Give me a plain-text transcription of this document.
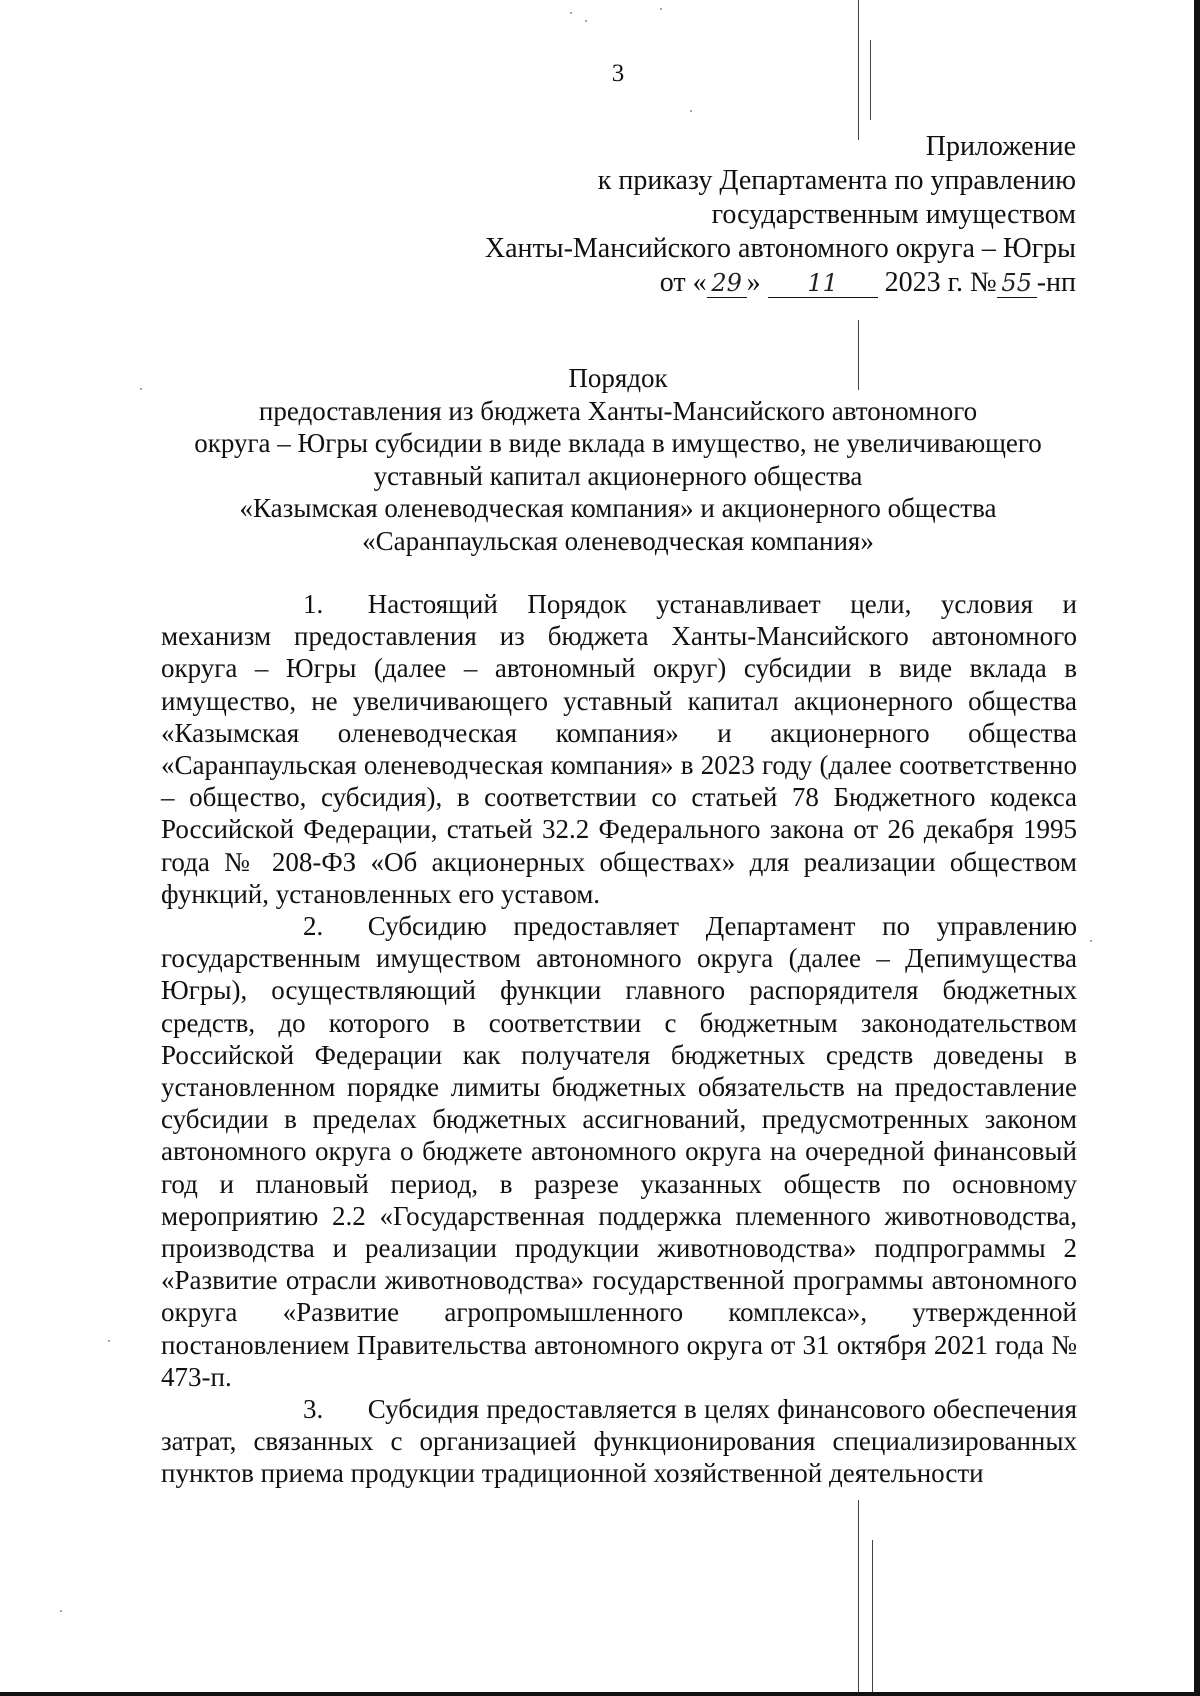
3
Приложение
к приказу Департамента по управлению
государственным имуществом
Ханты-Мансийского автономного округа – Югры
от « 29 » 11 2023 г. № 55 -нп
Порядок
предоставления из бюджета Ханты-Мансийского автономного
округа – Югры субсидии в виде вклада в имущество, не увеличивающего
уставный капитал акционерного общества
«Казымская оленеводческая компания» и акционерного общества
«Саранпаульская оленеводческая компания»

1. Настоящий Порядок устанавливает цели, условия и механизм предоставления из бюджета Ханты-Мансийского автономного округа – Югры (далее – автономный округ) субсидии в виде вклада в имущество, не увеличивающего уставный капитал акционерного общества «Казымская оленеводческая компания» и акционерного общества «Саранпаульская оленеводческая компания» в 2023 году (далее соответственно – общество, субсидия), в соответствии со статьей 78 Бюджетного кодекса Российской Федерации, статьей 32.2 Федерального закона от 26 декабря 1995 года № 208-ФЗ «Об акционерных обществах» для реализации обществом функций, установленных его уставом.

2. Субсидию предоставляет Департамент по управлению государственным имуществом автономного округа (далее – Депимущества Югры), осуществляющий функции главного распорядителя бюджетных средств, до которого в соответствии с бюджетным законодательством Российской Федерации как получателя бюджетных средств доведены в установленном порядке лимиты бюджетных обязательств на предоставление субсидии в пределах бюджетных ассигнований, предусмотренных законом автономного округа о бюджете автономного округа на очередной финансовый год и плановый период, в разрезе указанных обществ по основному мероприятию 2.2 «Государственная поддержка племенного животноводства, производства и реализации продукции животноводства» подпрограммы 2 «Развитие отрасли животноводства» государственной программы автономного округа «Развитие агропромышленного комплекса», утвержденной постановлением Правительства автономного округа от 31 октября 2021 года № 473-п.

3. Субсидия предоставляется в целях финансового обеспечения затрат, связанных с организацией функционирования специализированных пунктов приема продукции традиционной хозяйственной деятельности
